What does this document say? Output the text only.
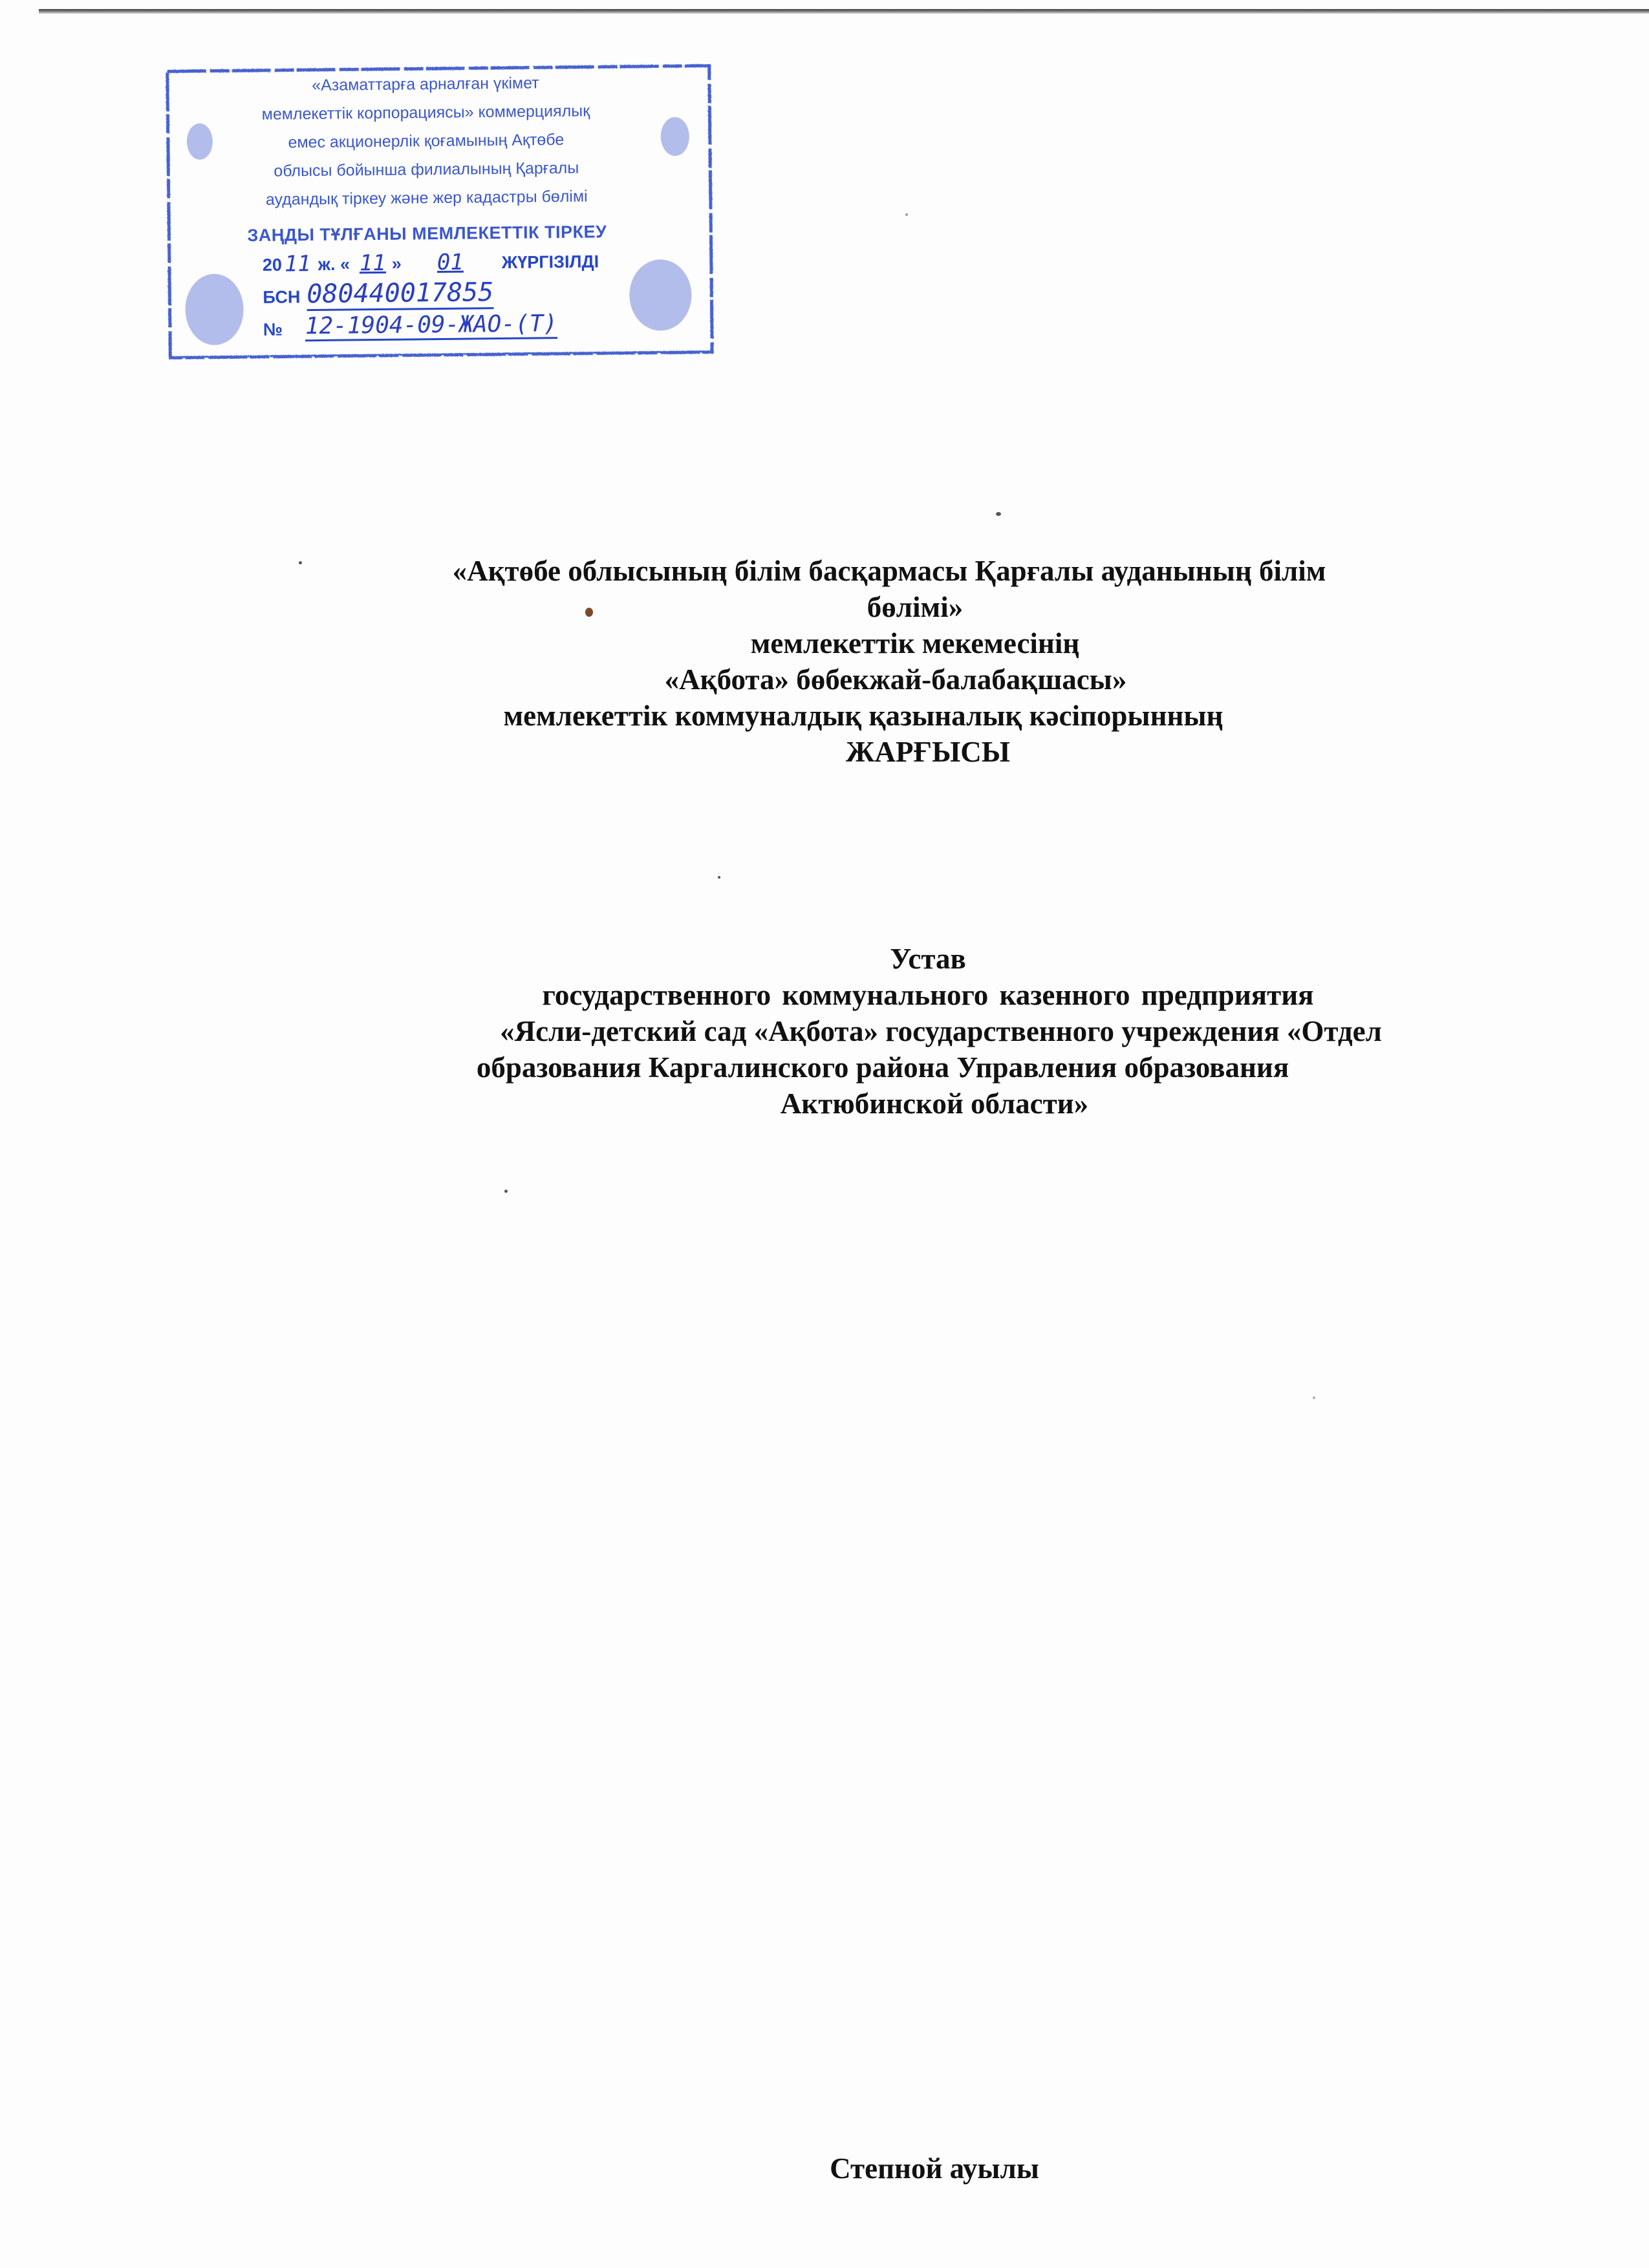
«Азаматтарға арналған үкімет
мемлекеттік корпорациясы» коммерциялық
емес акционерлік қоғамының Ақтөбе
облысы бойынша филиалының Қарғалы
аудандық тіркеу және жер кадастры бөлімі
ЗАҢДЫ ТҰЛҒАНЫ МЕМЛЕКЕТТІК ТІРКЕУ
20 11 ж. « 11 » 01 ЖҮРГІЗІЛДІ
БСН 080440017855
№ 12-1904-09-ЖАО-(Т)
«Ақтөбе облысының білім басқармасы Қарғалы ауданының білім
бөлімі»
мемлекеттік мекемесінің
«Ақбота» бөбекжай-балабақшасы»
мемлекеттік коммуналдық қазыналық кәсіпорынның
ЖАРҒЫСЫ
Устав
государственного коммунального казенного предприятия
«Ясли-детский сад «Ақбота» государственного учреждения «Отдел
образования Каргалинского района Управления образования
Актюбинской области»
Степной ауылы
